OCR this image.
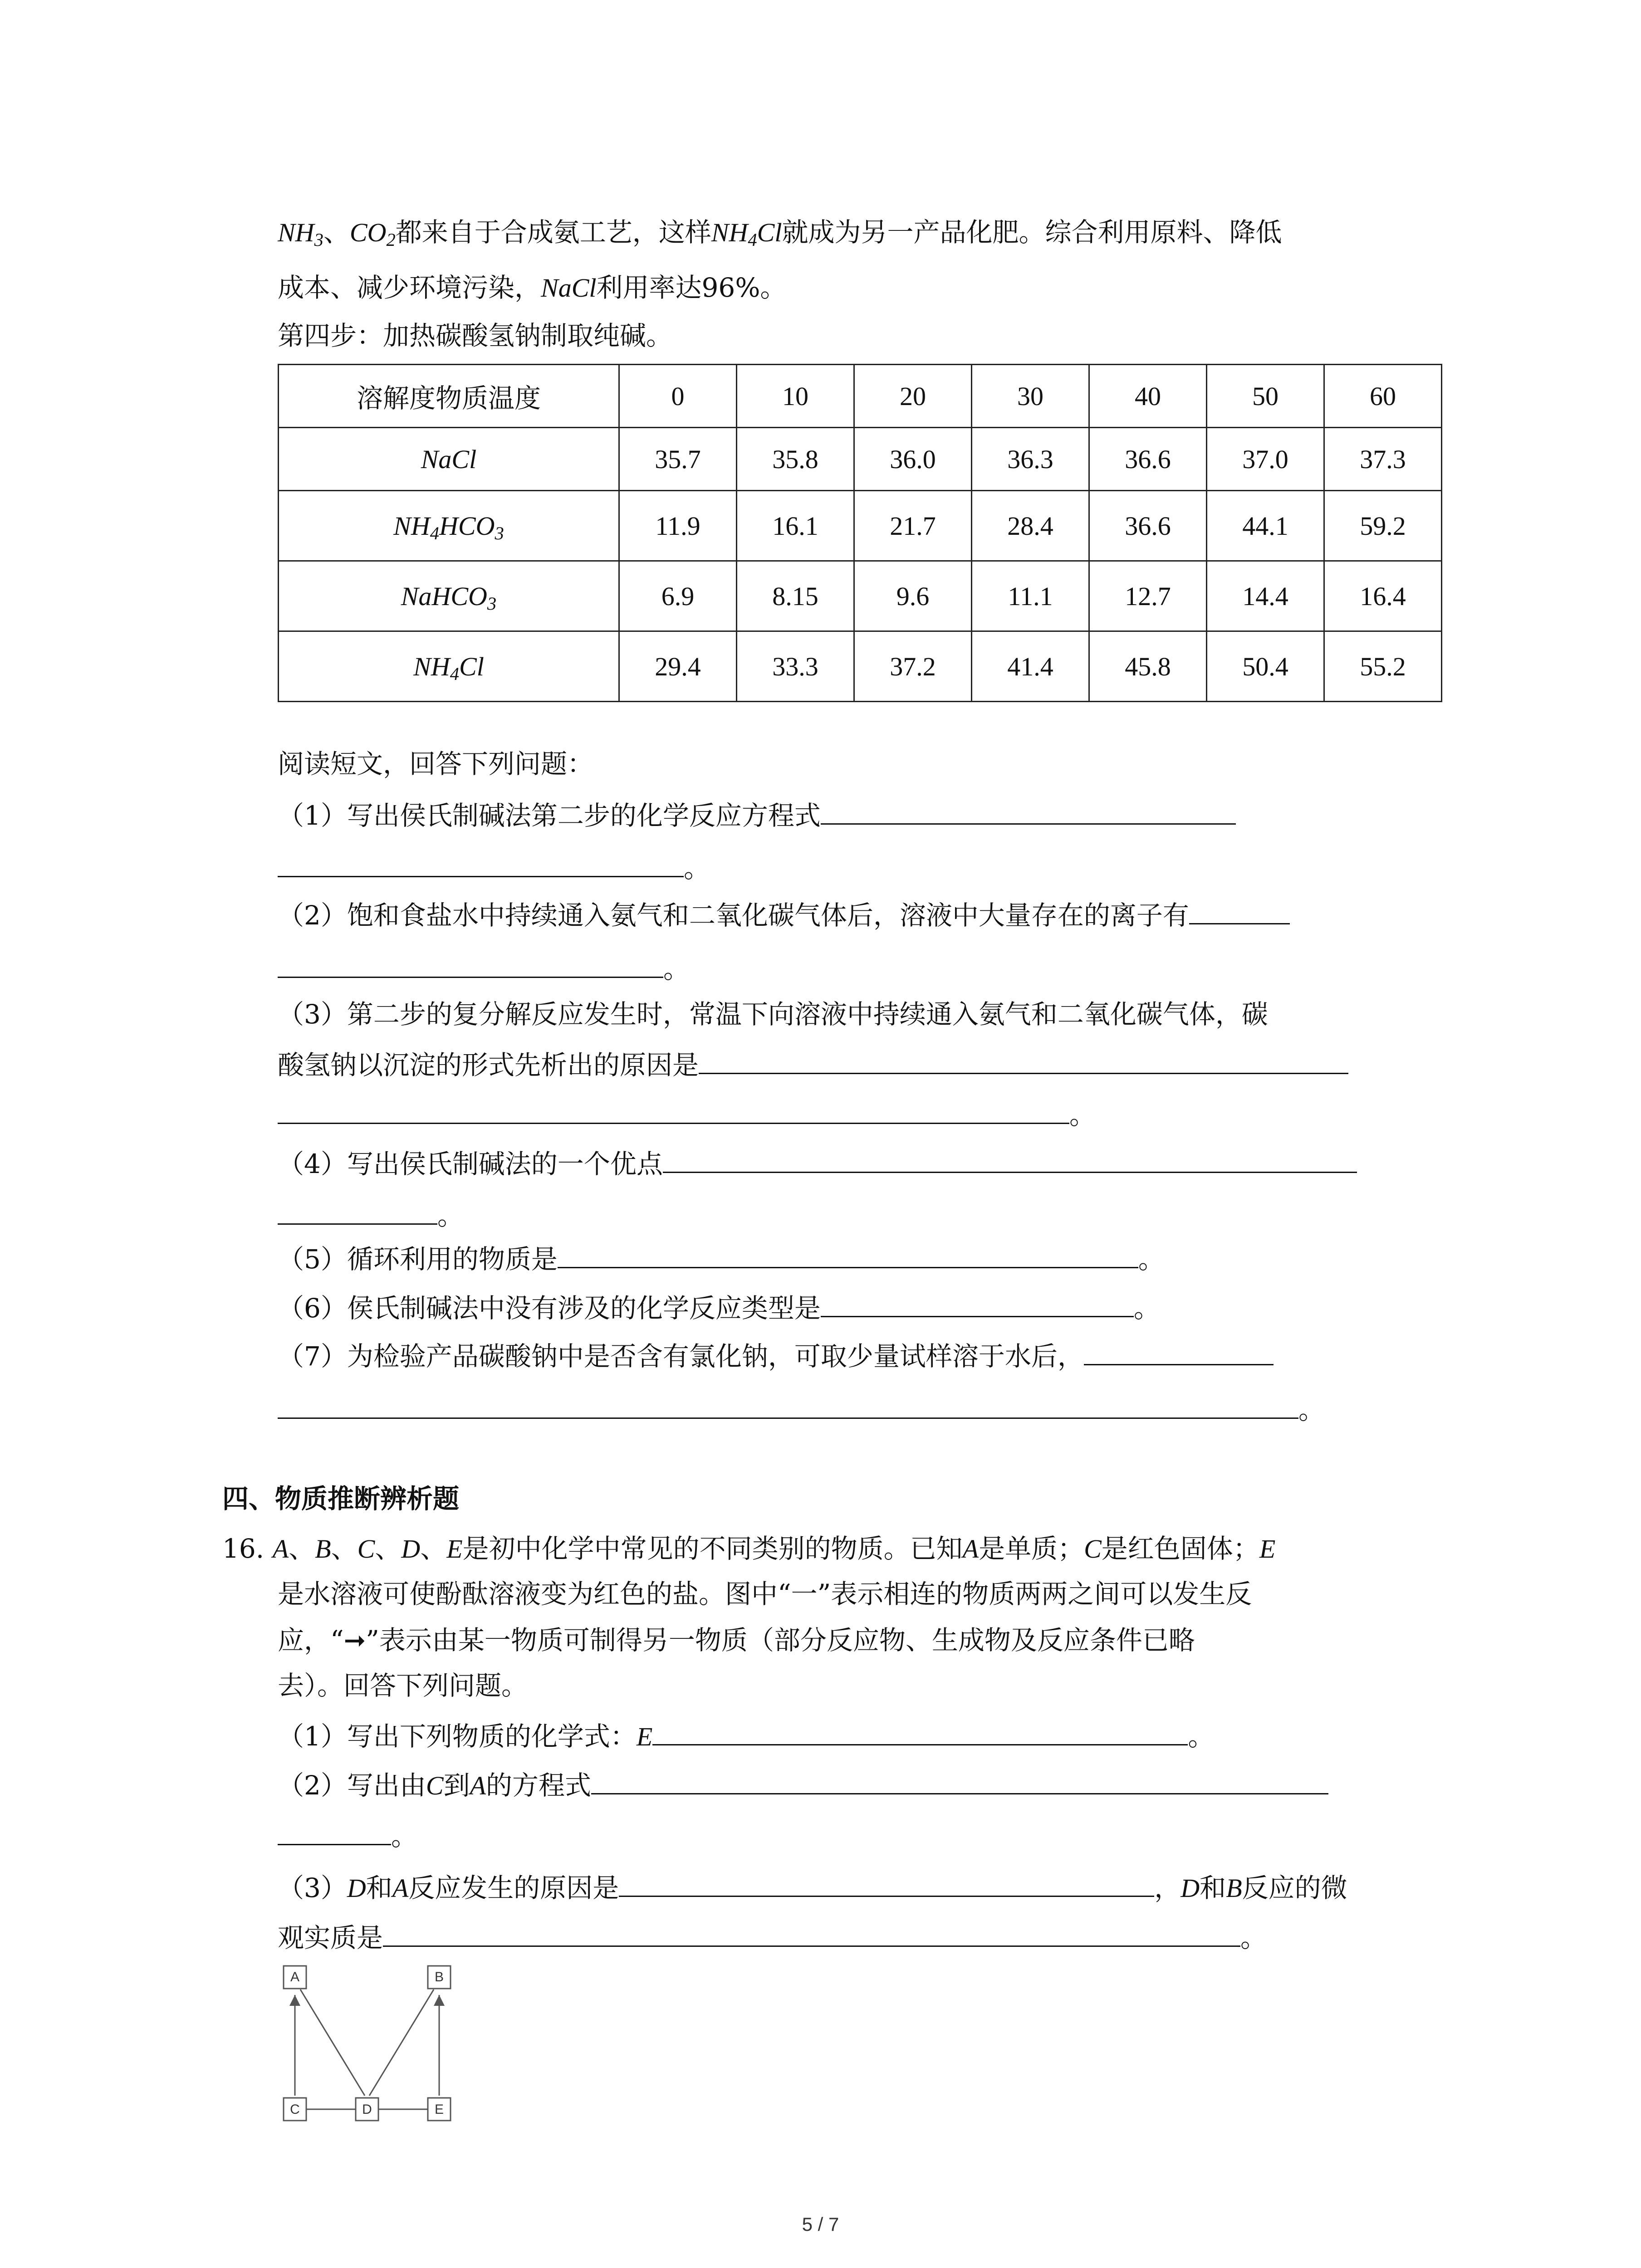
$NH_3$、$CO_2$都来自于合成氨工艺，这样$NH_4Cl$就成为另一产品化肥。综合利用原料、降低
成本、减少环境污染，NaCl利用率达96%。
第四步：加热碳酸氢钠制取纯碱。
溶解度物质温度	0	10	20	30	40	50	60
NaCl	35.7	35.8	36.0	36.3	36.6	37.0	37.3
$NH_4HCO_3$	11.9	16.1	21.7	28.4	36.6	44.1	59.2
NaHCO$_3$	6.9	8.15	9.6	11.1	12.7	14.4	16.4
$NH_4Cl$	29.4	33.3	37.2	41.4	45.8	50.4	55.2
阅读短文，回答下列问题：
（1）写出侯氏制碱法第二步的化学反应方程式
。
（2）饱和食盐水中持续通入氨气和二氧化碳气体后，溶液中大量存在的离子有
。
（3）第二步的复分解反应发生时，常温下向溶液中持续通入氨气和二氧化碳气体，碳
酸氢钠以沉淀的形式先析出的原因是
。
（4）写出侯氏制碱法的一个优点
。
（5）循环利用的物质是	。
（6）侯氏制碱法中没有涉及的化学反应类型是	。
（7）为检验产品碳酸钠中是否含有氯化钠，可取少量试样溶于水后，
。
四、物质推断辨析题
16. A、B、C、D、E是初中化学中常见的不同类别的物质。已知A是单质；C是红色固体；E
是水溶液可使酚酞溶液变为红色的盐。图中“一”表示相连的物质两两之间可以发生反
应，“➞”表示由某一物质可制得另一物质（部分反应物、生成物及反应条件已略
去）。回答下列问题。
（1）写出下列物质的化学式：E	。
（2）写出由C到A的方程式
。
（3）D和A反应发生的原因是	，D和B反应的微
观实质是	。
A	B
C	D	E
5 / 7
